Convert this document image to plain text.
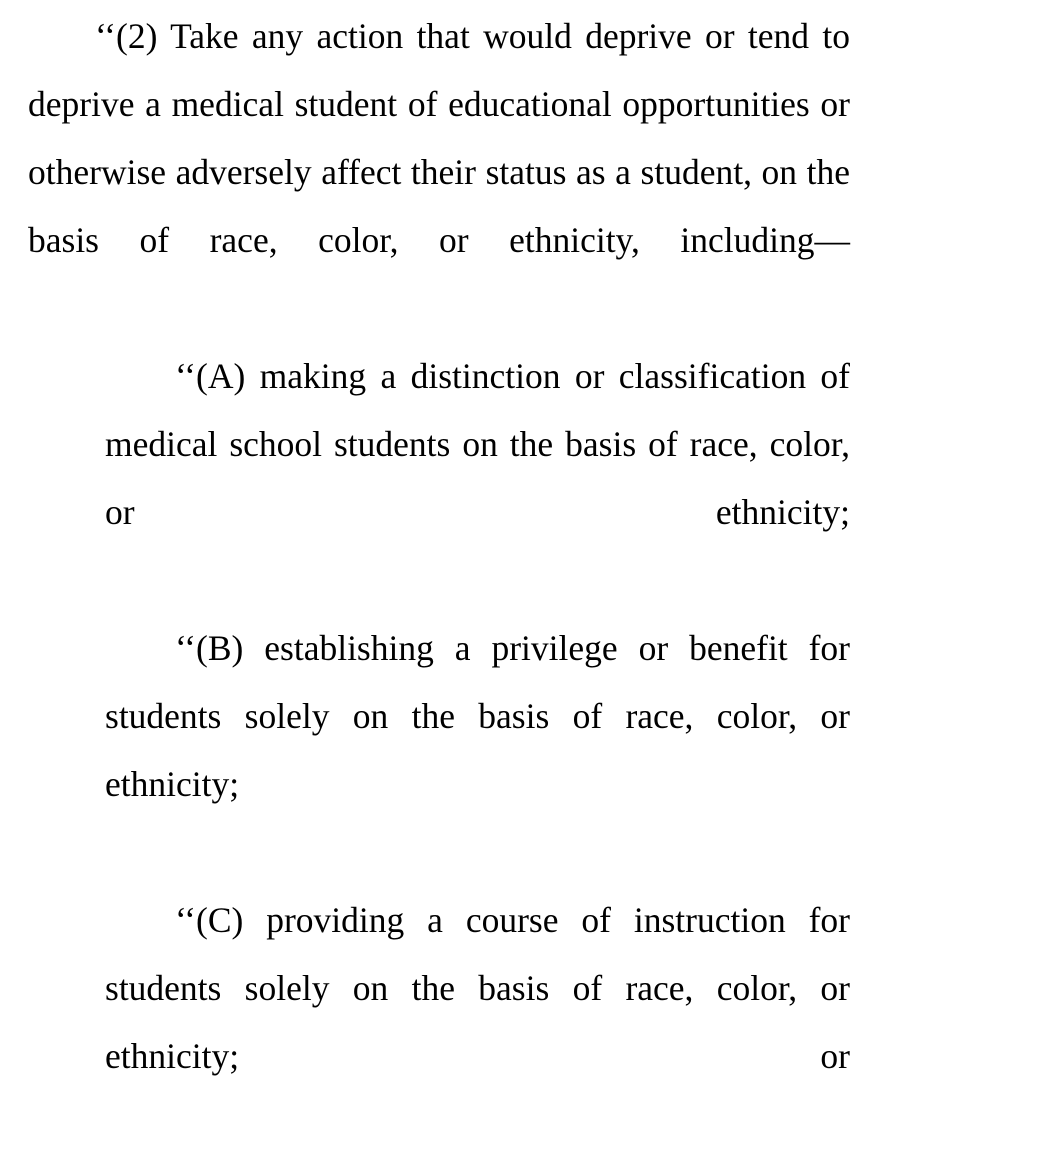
‘‘(2) Take any action that would deprive or tend to deprive a medical student of educational opportunities or otherwise adversely affect their status as a student, on the basis of race, color, or ethnicity, including—

‘‘(A) making a distinction or classification of medical school students on the basis of race, color, or ethnicity;

‘‘(B) establishing a privilege or benefit for students solely on the basis of race, color, or ethnicity;

‘‘(C) providing a course of instruction for students solely on the basis of race, color, or ethnicity; or
